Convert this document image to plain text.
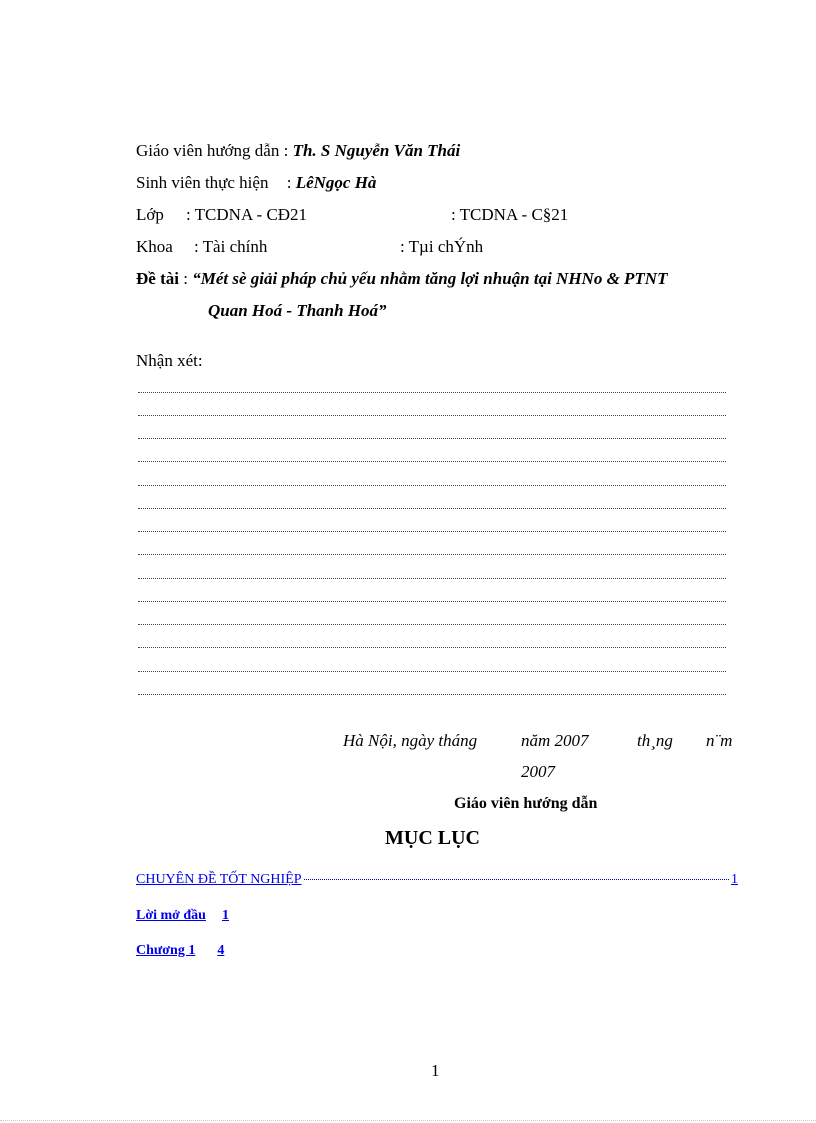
Giáo viên hướng dẫn : Th. S Nguyễn Văn Thái
Sinh viên thực hiện : LêNgọc Hà
Lớp : TCDNA - CĐ21	: TCDNA - C§21
Khoa : Tài chính	: Tµi chÝnh
Đề tài : “Mét sè giải pháp chủ yếu nhằm tăng lợi nhuận tại NHNo & PTNT
Quan Hoá - Thanh Hoá”
Nhận xét:
Hà Nội, ngày tháng	năm 2007	th¸ng n¨m
2007
Giáo viên hướng dẫn
MỤC LỤC
CHUYÊN ĐỀ TỐT NGHIỆP	1
Lời mở đầu 1
Chương 1 4
1
